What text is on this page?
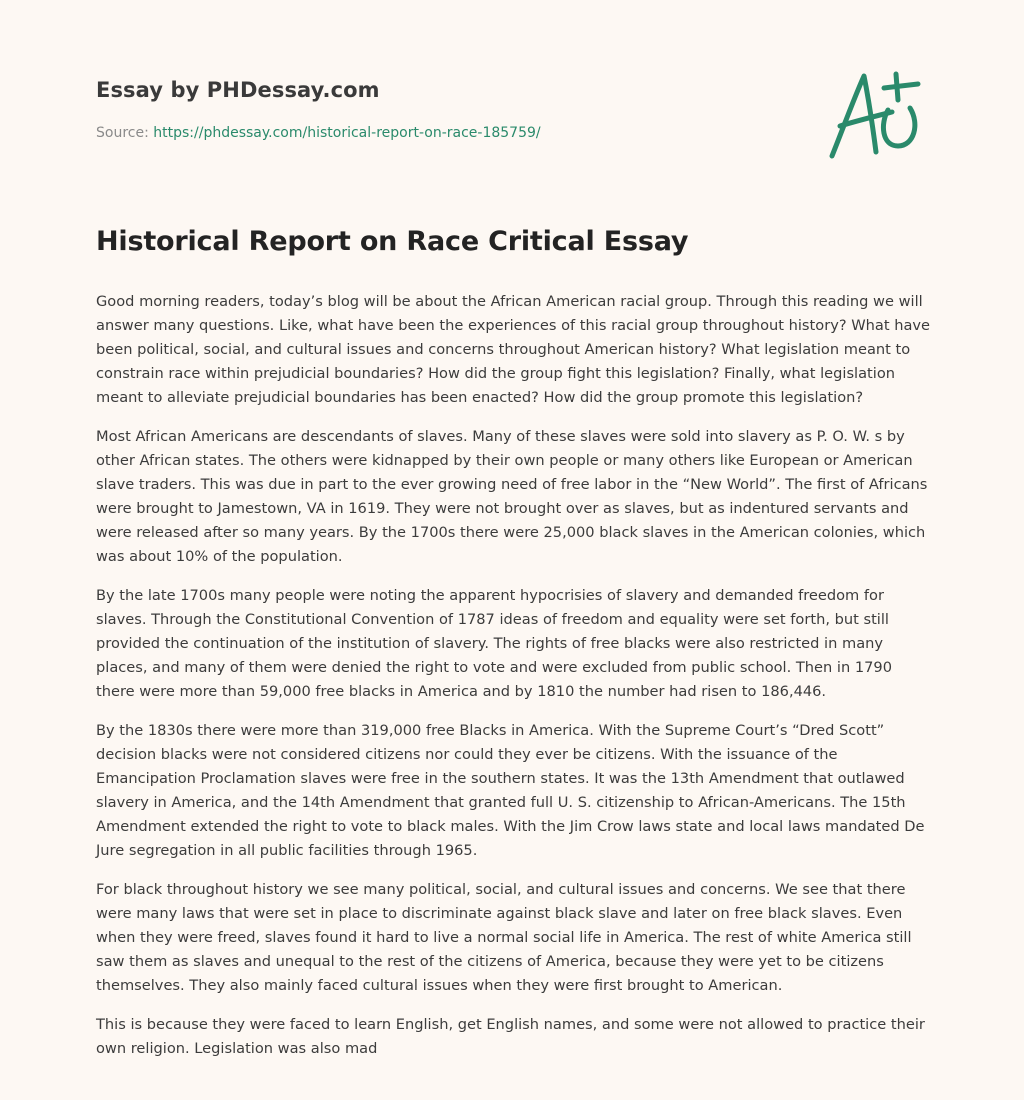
Essay by PHDessay.com
Source: https://phdessay.com/historical-report-on-race-185759/
Historical Report on Race Critical Essay

Good morning readers, today’s blog will be about the African American racial group. Through this reading we will answer many questions. Like, what have been the experiences of this racial group throughout history? What have been political, social, and cultural issues and concerns throughout American history? What legislation meant to constrain race within prejudicial boundaries? How did the group fight this legislation? Finally, what legislation meant to alleviate prejudicial boundaries has been enacted? How did the group promote this legislation?

Most African Americans are descendants of slaves. Many of these slaves were sold into slavery as P. O. W. s by other African states. The others were kidnapped by their own people or many others like European or American slave traders. This was due in part to the ever growing need of free labor in the “New World”. The first of Africans were brought to Jamestown, VA in 1619. They were not brought over as slaves, but as indentured servants and were released after so many years. By the 1700s there were 25,000 black slaves in the American colonies, which was about 10% of the population.

By the late 1700s many people were noting the apparent hypocrisies of slavery and demanded freedom for slaves. Through the Constitutional Convention of 1787 ideas of freedom and equality were set forth, but still provided the continuation of the institution of slavery. The rights of free blacks were also restricted in many places, and many of them were denied the right to vote and were excluded from public school. Then in 1790 there were more than 59,000 free blacks in America and by 1810 the number had risen to 186,446.

By the 1830s there were more than 319,000 free Blacks in America. With the Supreme Court’s “Dred Scott” decision blacks were not considered citizens nor could they ever be citizens. With the issuance of the Emancipation Proclamation slaves were free in the southern states. It was the 13th Amendment that outlawed slavery in America, and the 14th Amendment that granted full U. S. citizenship to African-Americans. The 15th Amendment extended the right to vote to black males. With the Jim Crow laws state and local laws mandated De Jure segregation in all public facilities through 1965.

For black throughout history we see many political, social, and cultural issues and concerns. We see that there were many laws that were set in place to discriminate against black slave and later on free black slaves. Even when they were freed, slaves found it hard to live a normal social life in America. The rest of white America still saw them as slaves and unequal to the rest of the citizens of America, because they were yet to be citizens themselves. They also mainly faced cultural issues when they were first brought to American.

This is because they were faced to learn English, get English names, and some were not allowed to practice their own religion. Legislation was also mad
